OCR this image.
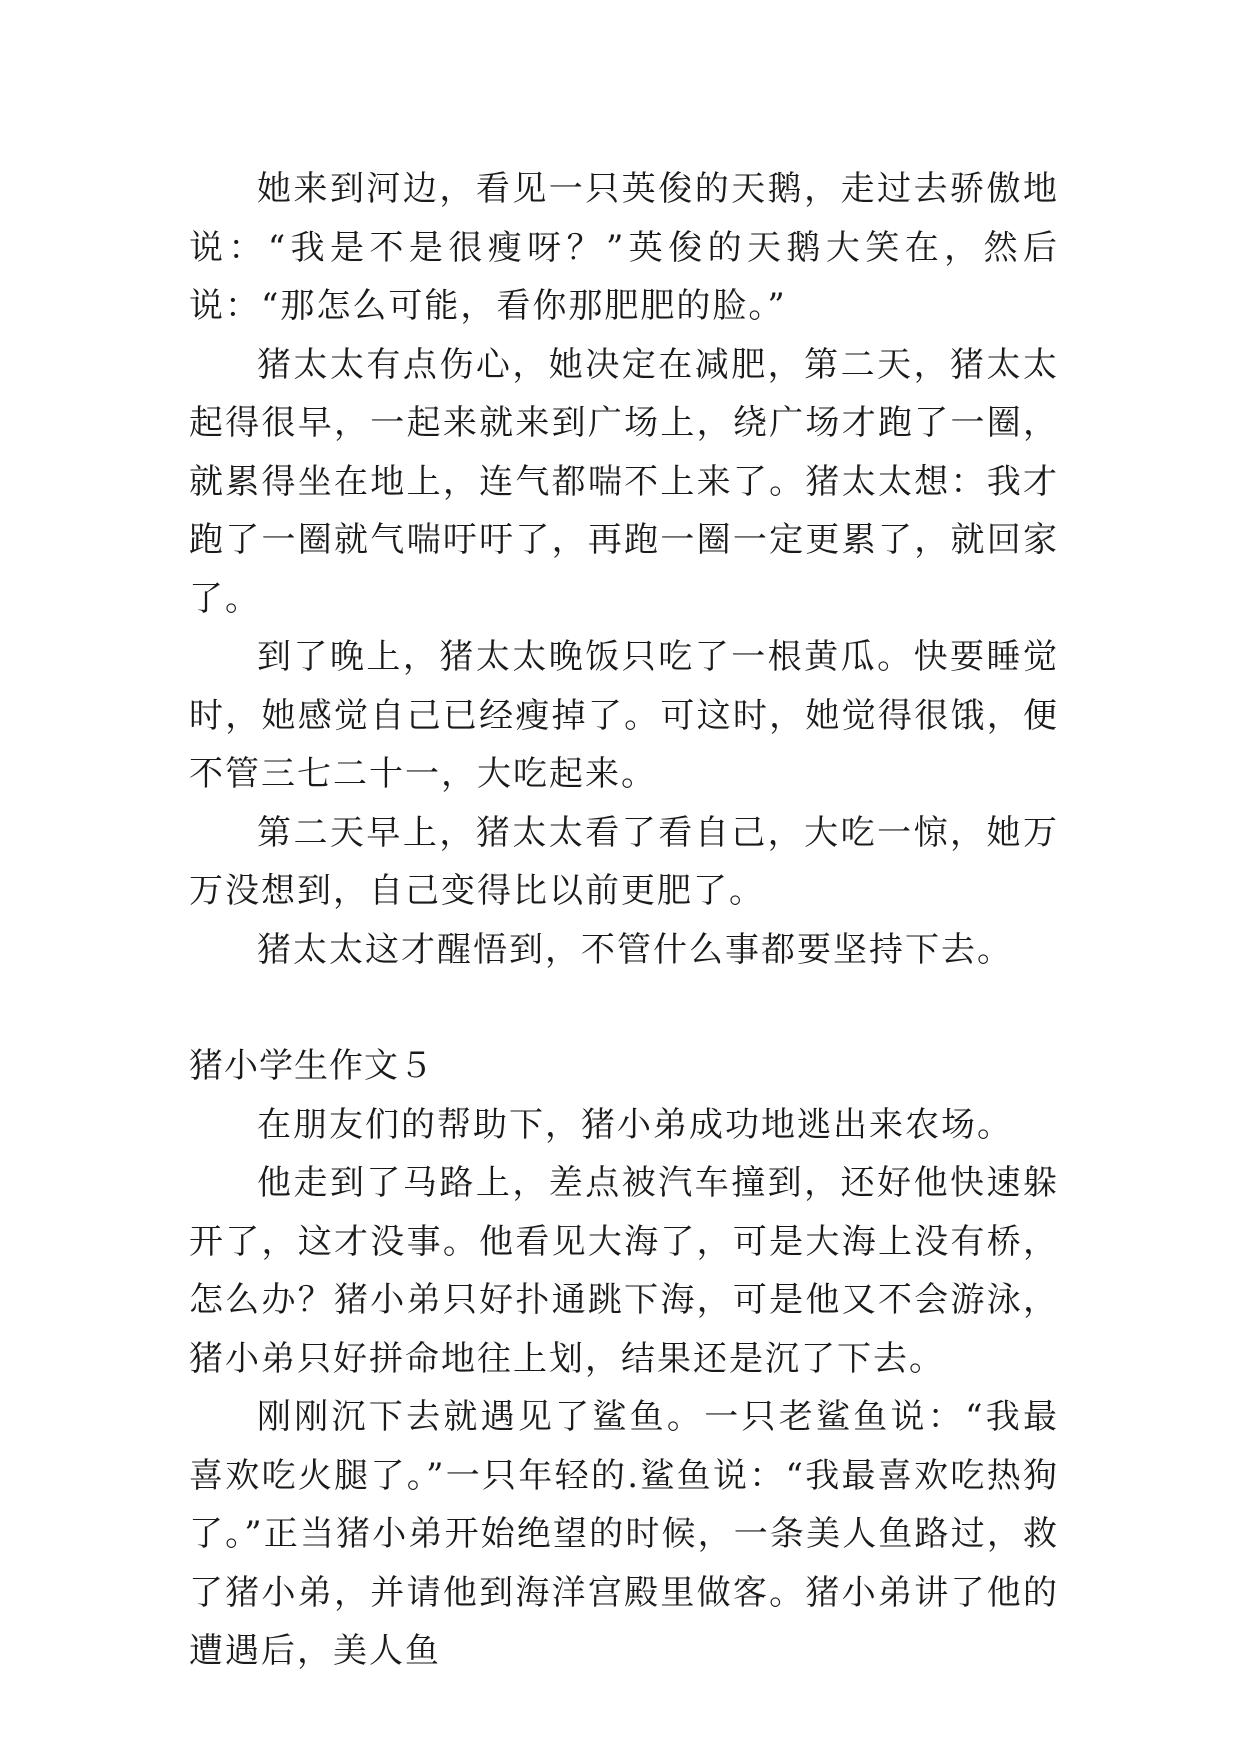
她来到河边，看见一只英俊的天鹅，走过去骄傲地说：“我是不是很瘦呀？”英俊的天鹅大笑在，然后说：“那怎么可能，看你那肥肥的脸。”

猪太太有点伤心，她决定在减肥，第二天，猪太太起得很早，一起来就来到广场上，绕广场才跑了一圈，就累得坐在地上，连气都喘不上来了。猪太太想：我才跑了一圈就气喘吁吁了，再跑一圈一定更累了，就回家了。

到了晚上，猪太太晚饭只吃了一根黄瓜。快要睡觉时，她感觉自己已经瘦掉了。可这时，她觉得很饿，便不管三七二十一，大吃起来。

第二天早上，猪太太看了看自己，大吃一惊，她万万没想到，自己变得比以前更肥了。

猪太太这才醒悟到，不管什么事都要坚持下去。

猪小学生作文５

在朋友们的帮助下，猪小弟成功地逃出来农场。

他走到了马路上，差点被汽车撞到，还好他快速躲开了，这才没事。他看见大海了，可是大海上没有桥，怎么办？猪小弟只好扑通跳下海，可是他又不会游泳，猪小弟只好拼命地往上划，结果还是沉了下去。

刚刚沉下去就遇见了鲨鱼。一只老鲨鱼说：“我最喜欢吃火腿了。”一只年轻的.鲨鱼说：“我最喜欢吃热狗了。”正当猪小弟开始绝望的时候，一条美人鱼路过，救了猪小弟，并请他到海洋宫殿里做客。猪小弟讲了他的遭遇后，美人鱼
